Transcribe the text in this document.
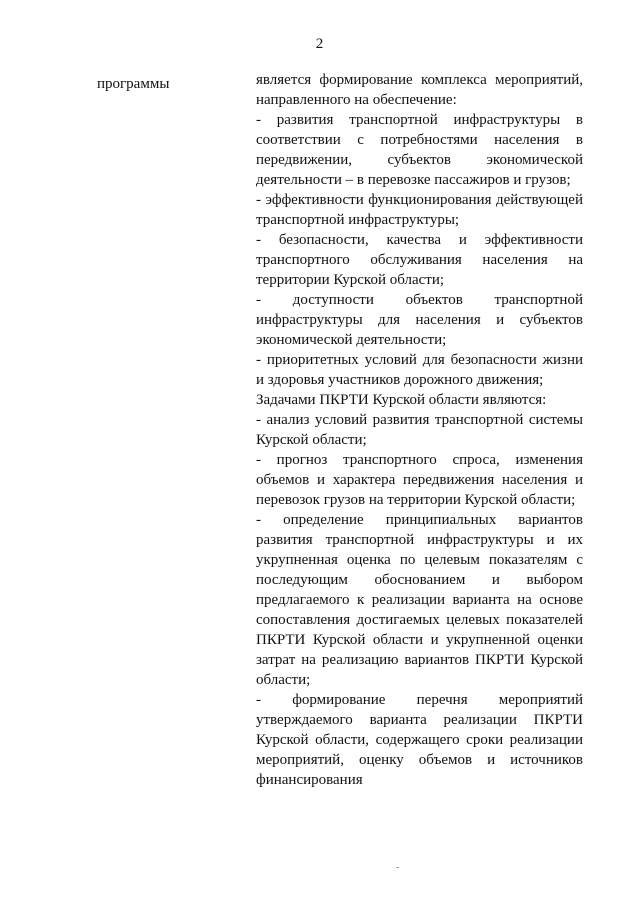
2
программы	является формирование комплекса мероприятий, направленного на обеспечение:

- развития транспортной инфраструктуры в соответствии с потребностями населения в передвижении, субъектов экономической деятельности – в перевозке пассажиров и грузов;

- эффективности функционирования действующей транспортной инфраструктуры;

- безопасности, качества и эффективности транспортного обслуживания населения на территории Курской области;

- доступности объектов транспортной инфраструктуры для населения и субъектов экономической деятельности;

- приоритетных условий для безопасности жизни и здоровья участников дорожного движения;

Задачами ПКРТИ Курской области являются:

- анализ условий развития транспортной системы Курской области;

- прогноз транспортного спроса, изменения объемов и характера передвижения населения и перевозок грузов на территории Курской области;

- определение принципиальных вариантов развития транспортной инфраструктуры и их укрупненная оценка по целевым показателям с последующим обоснованием и выбором предлагаемого к реализации варианта на основе сопоставления достигаемых целевых показателей ПКРТИ Курской области и укрупненной оценки затрат на реализацию вариантов ПКРТИ Курской области;

- формирование перечня мероприятий утверждаемого варианта реализации ПКРТИ Курской области, содержащего сроки реализации мероприятий, оценку объемов и источников финансирования

-
